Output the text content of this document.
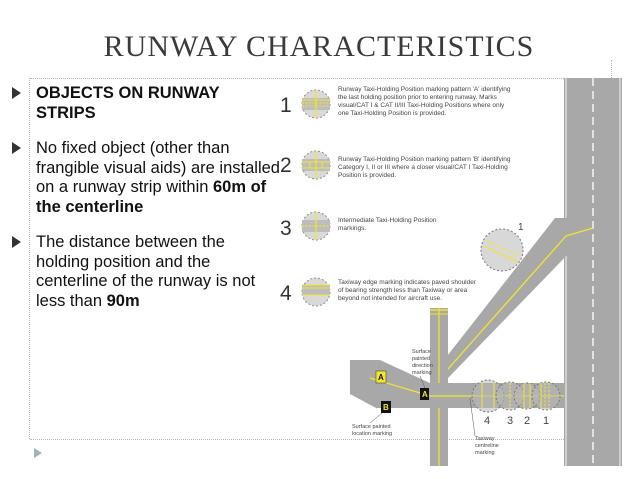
RUNWAY CHARACTERISTICS
OBJECTS ON RUNWAY STRIPS
No fixed object (other than frangible visual aids) are installed on a runway strip within 60m of the centerline
The distance between the holding position and the centerline of the runway is not less than 90m
1
2
3
4
Runway Taxi-Holding Position marking pattern 'A' identifying
the last holding position prior to entering runway. Marks
visual/CAT I & CAT II/III Taxi-Holding Positions where only
one Taxi-Holding Position is provided.
Runway Taxi-Holding Position marking pattern 'B' identifying
Category I, II or III where a closer visual/CAT I Taxi-Holding
Position is provided.
Intermediate Taxi-Holding Position
markings.
Taxiway edge marking indicates paved shoulder
of bearing strength less than Taxiway or area
beyond not intended for aircraft use.
1
4 3 2 1
A
A
B
Surface
painted
direction
marking
Surface painted
location marking
Taxiway
centreline
marking
